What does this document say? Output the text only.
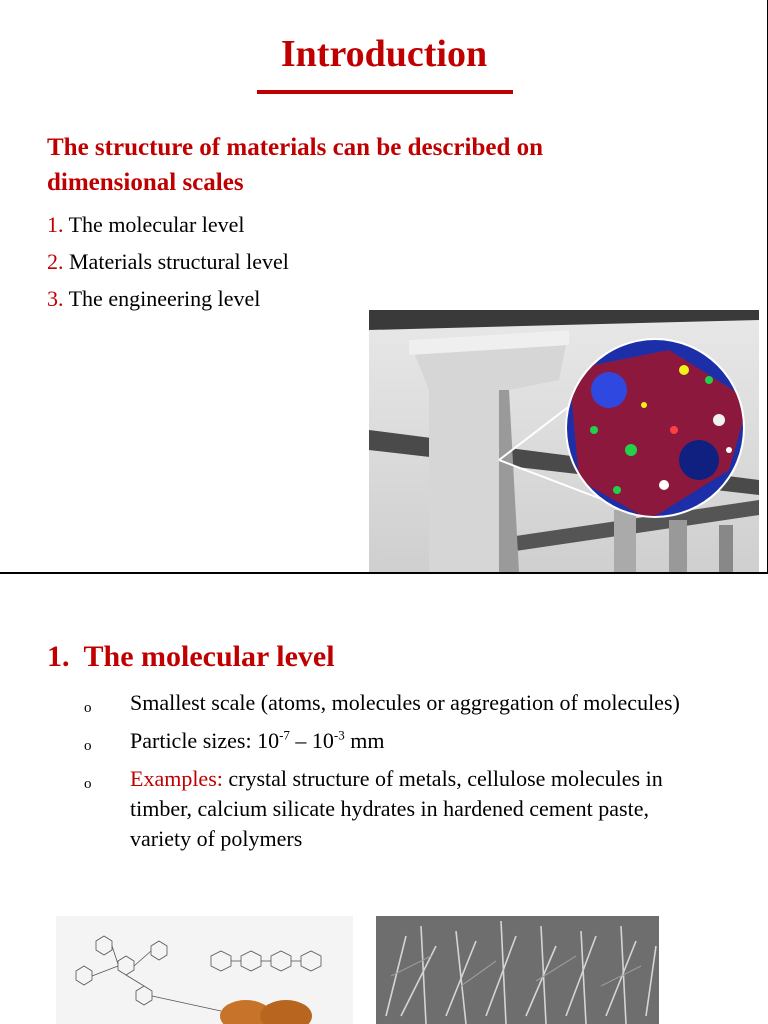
Introduction
The structure of materials can be described on dimensional scales
1. The molecular level
2. Materials structural level
3. The engineering level
1. The molecular level
o Smallest scale (atoms, molecules or aggregation of molecules)
o Particle sizes: $10^{-7} - 10^{-3}$ mm
o Examples: crystal structure of metals, cellulose molecules in timber, calcium silicate hydrates in hardened cement paste, variety of polymers
